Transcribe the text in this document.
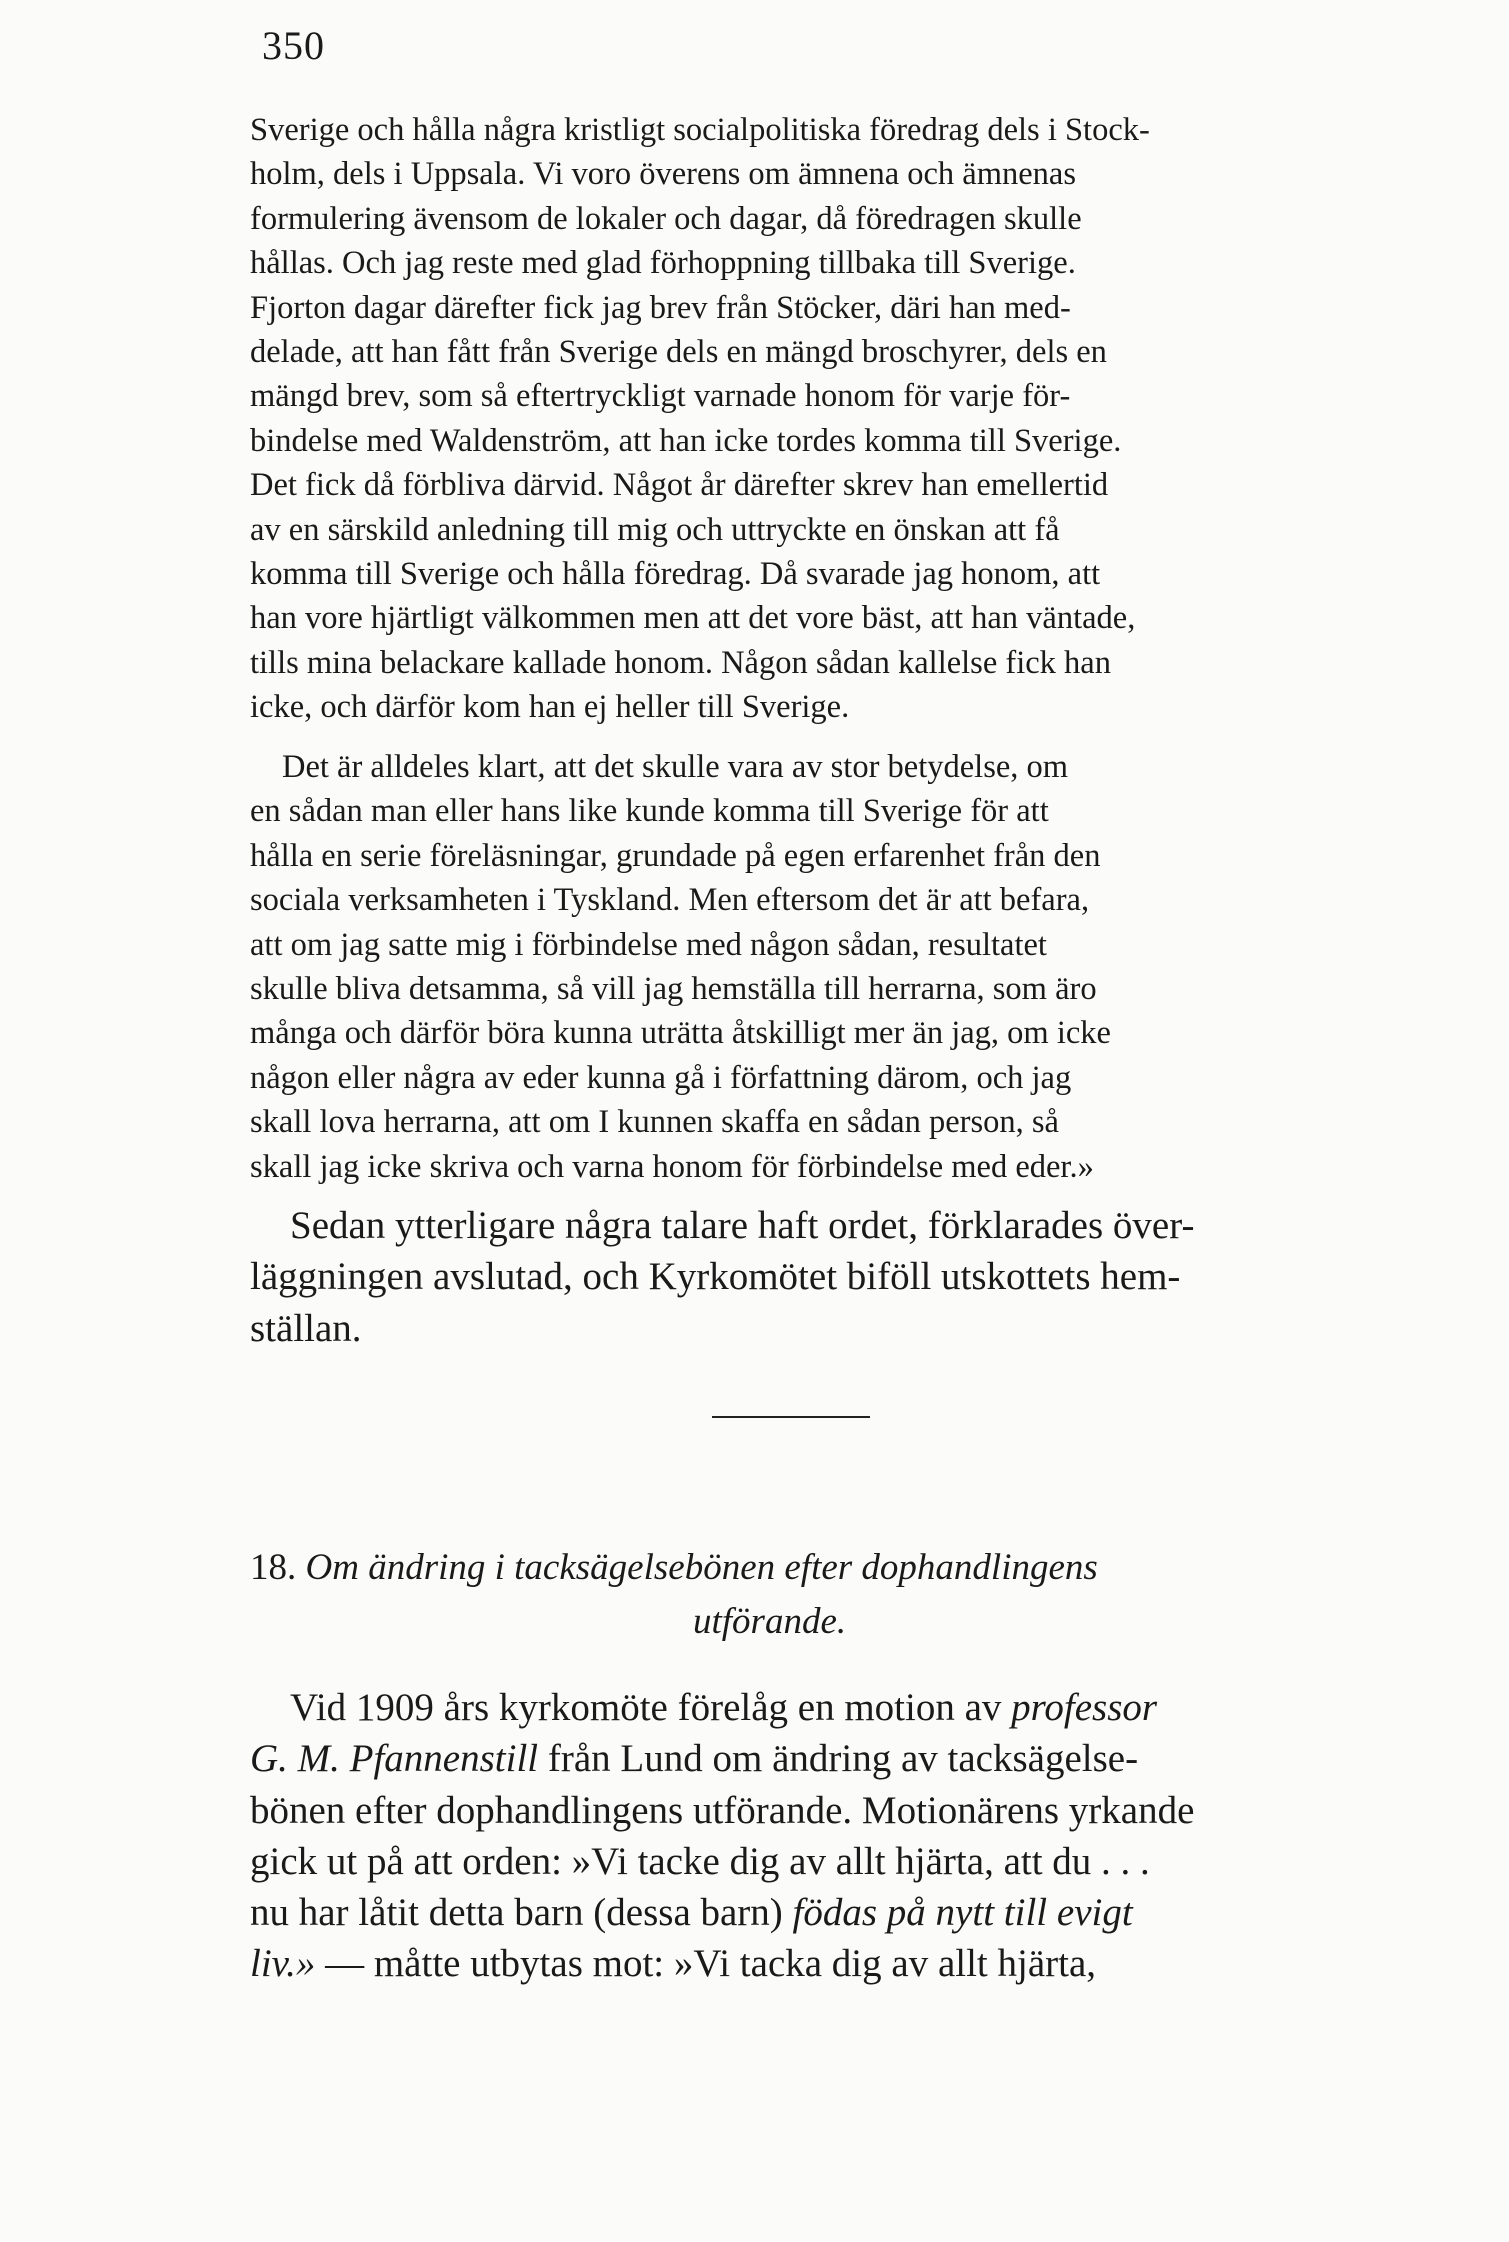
350

Sverige och hålla några kristligt socialpolitiska föredrag dels i Stock-
holm, dels i Uppsala. Vi voro överens om ämnena och ämnenas
formulering ävensom de lokaler och dagar, då föredragen skulle
hållas. Och jag reste med glad förhoppning tillbaka till Sverige.
Fjorton dagar därefter fick jag brev från Stöcker, däri han med-
delade, att han fått från Sverige dels en mängd broschyrer, dels en
mängd brev, som så eftertryckligt varnade honom för varje för-
bindelse med Waldenström, att han icke tordes komma till Sverige.
Det fick då förbliva därvid. Något år därefter skrev han emellertid
av en särskild anledning till mig och uttryckte en önskan att få
komma till Sverige och hålla föredrag. Då svarade jag honom, att
han vore hjärtligt välkommen men att det vore bäst, att han väntade,
tills mina belackare kallade honom. Någon sådan kallelse fick han
icke, och därför kom han ej heller till Sverige.

Det är alldeles klart, att det skulle vara av stor betydelse, om
en sådan man eller hans like kunde komma till Sverige för att
hålla en serie föreläsningar, grundade på egen erfarenhet från den
sociala verksamheten i Tyskland. Men eftersom det är att befara,
att om jag satte mig i förbindelse med någon sådan, resultatet
skulle bliva detsamma, så vill jag hemställa till herrarna, som äro
många och därför böra kunna uträtta åtskilligt mer än jag, om icke
någon eller några av eder kunna gå i författning därom, och jag
skall lova herrarna, att om I kunnen skaffa en sådan person, så
skall jag icke skriva och varna honom för förbindelse med eder.»

Sedan ytterligare några talare haft ordet, förklarades över-
läggningen avslutad, och Kyrkomötet biföll utskottets hem-
ställan.

18. Om ändring i tacksägelsebönen efter dophandlingens
utförande.

Vid 1909 års kyrkomöte förelåg en motion av professor
G. M. Pfannenstill från Lund om ändring av tacksägelse-
bönen efter dophandlingens utförande. Motionärens yrkande
gick ut på att orden: »Vi tacke dig av allt hjärta, att du . . .
nu har låtit detta barn (dessa barn) födas på nytt till evigt
liv.» — måtte utbytas mot: »Vi tacka dig av allt hjärta,
